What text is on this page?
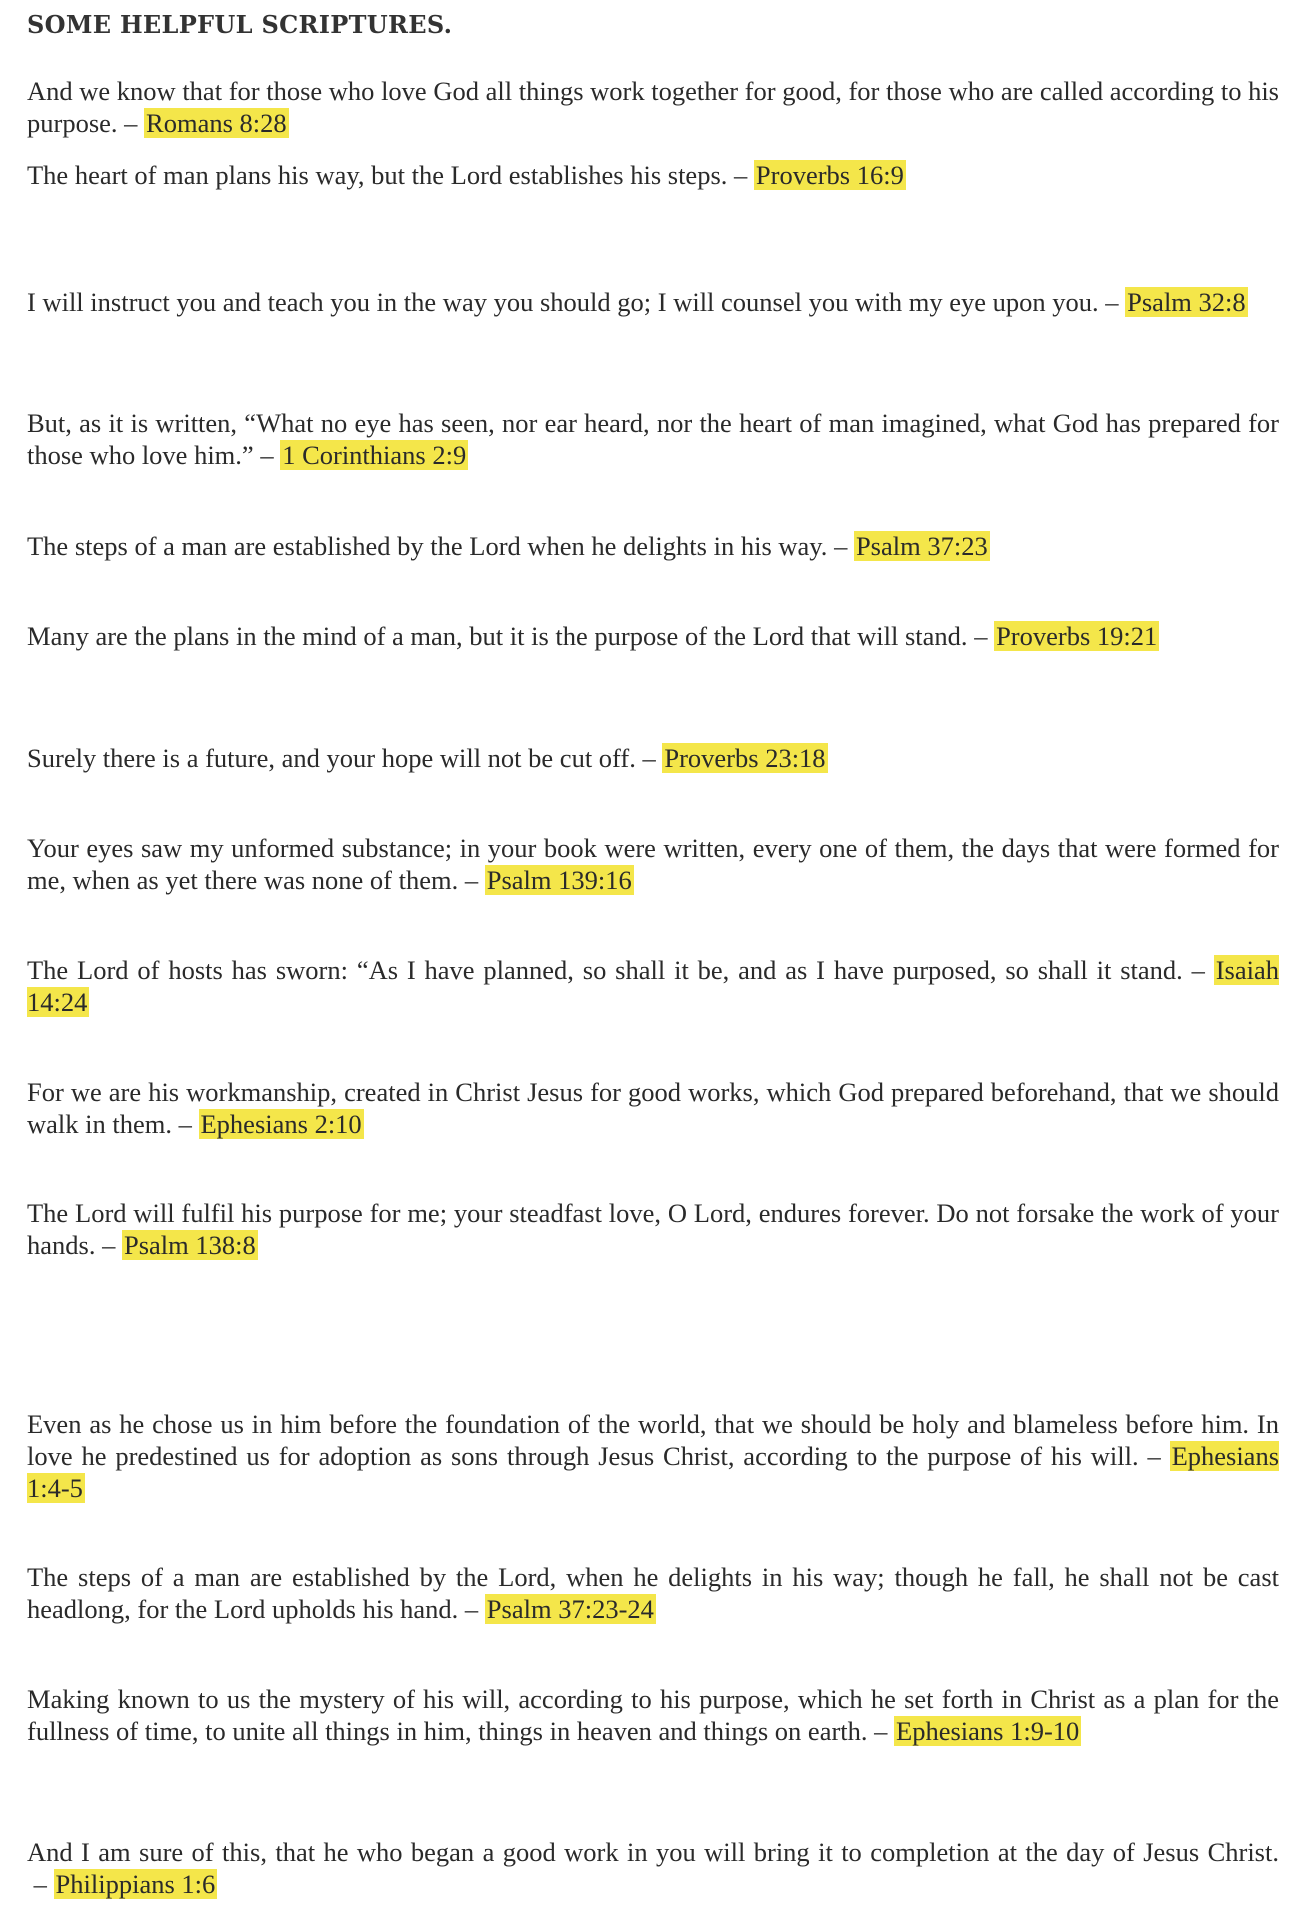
SOME HELPFUL SCRIPTURES.
And we know that for those who love God all things work together for good, for those who are called according to his purpose. – Romans 8:28
The heart of man plans his way, but the Lord establishes his steps. – Proverbs 16:9
I will instruct you and teach you in the way you should go; I will counsel you with my eye upon you. – Psalm 32:8
But, as it is written, “What no eye has seen, nor ear heard, nor the heart of man imagined, what God has prepared for those who love him.” – 1 Corinthians 2:9
The steps of a man are established by the Lord when he delights in his way. – Psalm 37:23
Many are the plans in the mind of a man, but it is the purpose of the Lord that will stand. – Proverbs 19:21
Surely there is a future, and your hope will not be cut off. – Proverbs 23:18
Your eyes saw my unformed substance; in your book were written, every one of them, the days that were formed for me, when as yet there was none of them. – Psalm 139:16
The Lord of hosts has sworn: “As I have planned, so shall it be, and as I have purposed, so shall it stand. – Isaiah 14:24
For we are his workmanship, created in Christ Jesus for good works, which God prepared beforehand, that we should walk in them. – Ephesians 2:10
The Lord will fulfil his purpose for me; your steadfast love, O Lord, endures forever. Do not forsake the work of your hands. – Psalm 138:8
Even as he chose us in him before the foundation of the world, that we should be holy and blameless before him. In love he predestined us for adoption as sons through Jesus Christ, according to the purpose of his will. – Ephesians 1:4-5
The steps of a man are established by the Lord, when he delights in his way; though he fall, he shall not be cast headlong, for the Lord upholds his hand. – Psalm 37:23-24
Making known to us the mystery of his will, according to his purpose, which he set forth in Christ as a plan for the fullness of time, to unite all things in him, things in heaven and things on earth. – Ephesians 1:9-10
And I am sure of this, that he who began a good work in you will bring it to completion at the day of Jesus Christ. – Philippians 1:6
